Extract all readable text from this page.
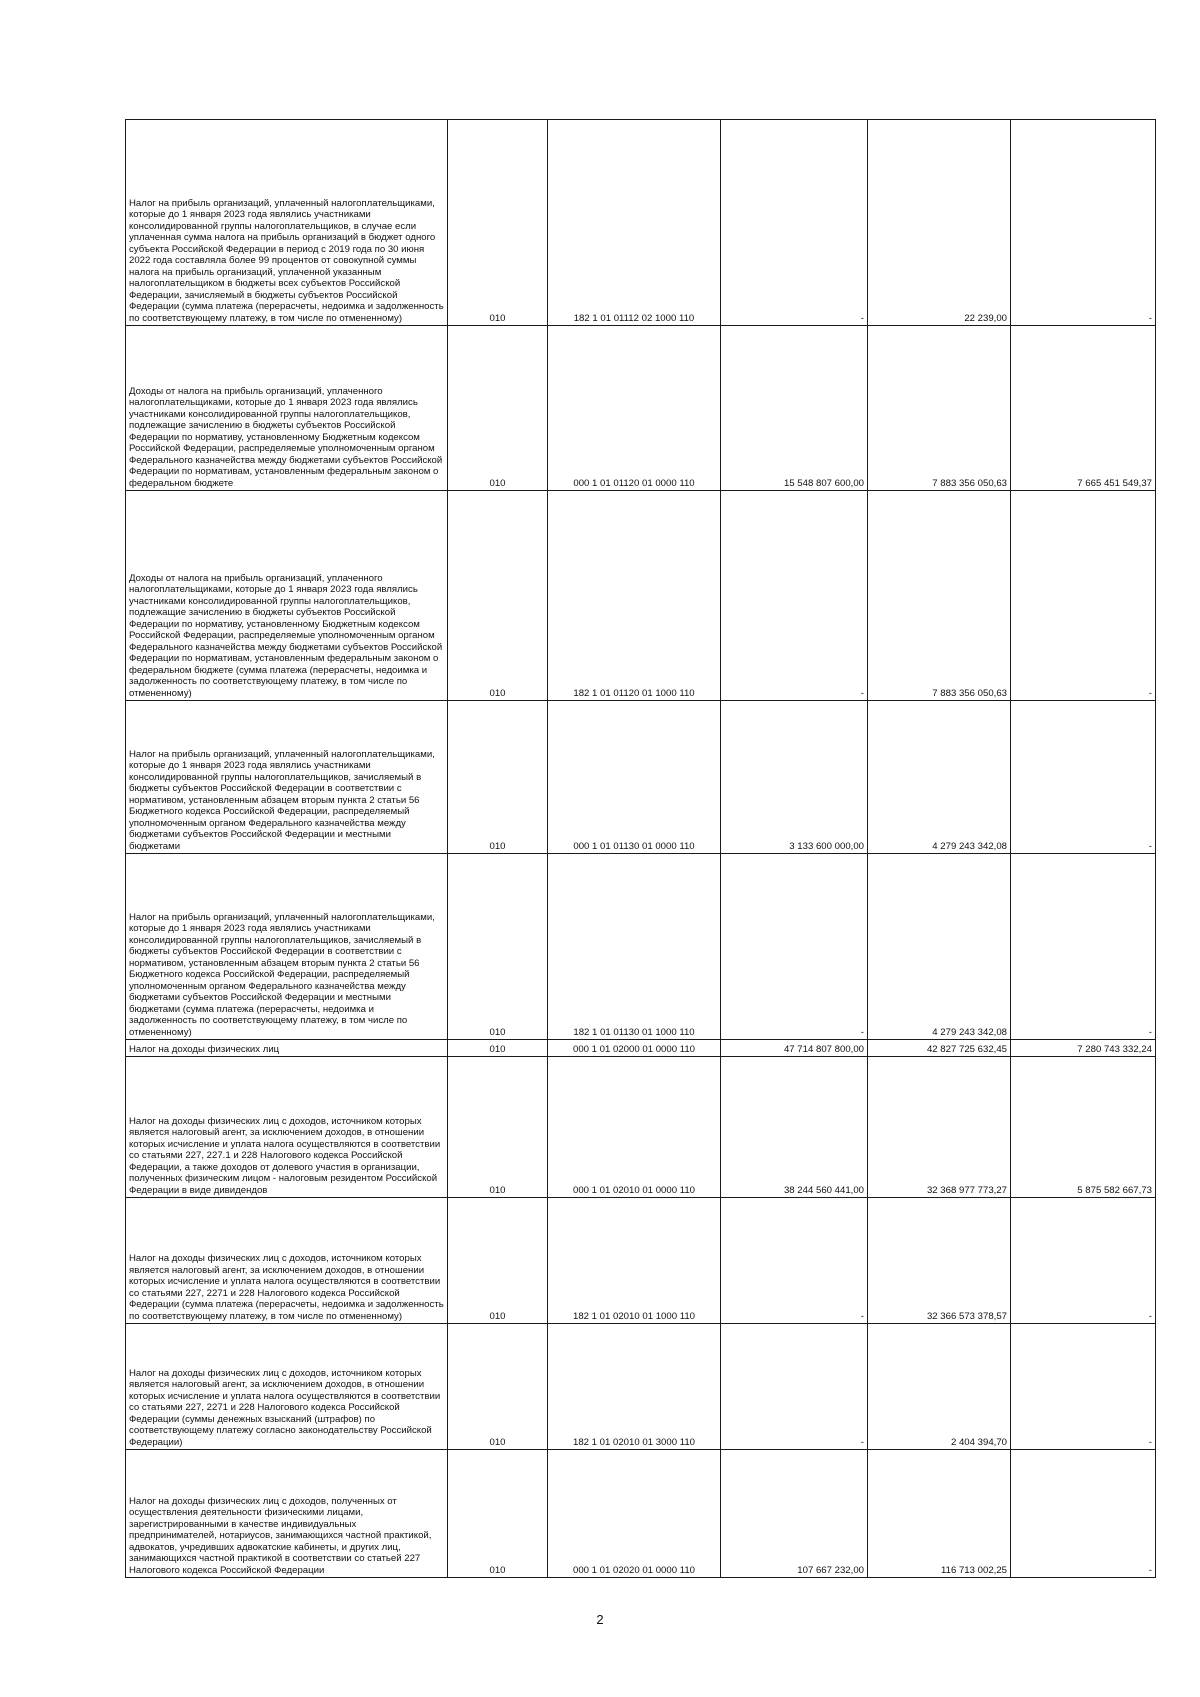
Налог на прибыль организаций, уплаченный налогоплательщиками, которые до 1 января 2023 года являлись участниками консолидированной группы налогоплательщиков, в случае если уплаченная сумма налога на прибыль организаций в бюджет одного субъекта Российской Федерации в период с 2019 года по 30 июня 2022 года составляла более 99 процентов от совокупной суммы налога на прибыль организаций, уплаченной указанным налогоплательщиком в бюджеты всех субъектов Российской Федерации, зачисляемый в бюджеты субъектов Российской Федерации (сумма платежа (перерасчеты, недоимка и задолженность по соответствующему платежу, в том числе по отмененному)	010	182 1 01 01112 02 1000 110	-	22 239,00	-

Доходы от налога на прибыль организаций, уплаченного налогоплательщиками, которые до 1 января 2023 года являлись участниками консолидированной группы налогоплательщиков, подлежащие зачислению в бюджеты субъектов Российской Федерации по нормативу, установленному Бюджетным кодексом Российской Федерации, распределяемые уполномоченным органом Федерального казначейства между бюджетами субъектов Российской Федерации по нормативам, установленным федеральным законом о федеральном бюджете	010	000 1 01 01120 01 0000 110	15 548 807 600,00	7 883 356 050,63	7 665 451 549,37

Доходы от налога на прибыль организаций, уплаченного налогоплательщиками, которые до 1 января 2023 года являлись участниками консолидированной группы налогоплательщиков, подлежащие зачислению в бюджеты субъектов Российской Федерации по нормативу, установленному Бюджетным кодексом Российской Федерации, распределяемые уполномоченным органом Федерального казначейства между бюджетами субъектов Российской Федерации по нормативам, установленным федеральным законом о федеральном бюджете (сумма платежа (перерасчеты, недоимка и задолженность по соответствующему платежу, в том числе по отмененному)	010	182 1 01 01120 01 1000 110	-	7 883 356 050,63	-

Налог на прибыль организаций, уплаченный налогоплательщиками, которые до 1 января 2023 года являлись участниками консолидированной группы налогоплательщиков, зачисляемый в бюджеты субъектов Российской Федерации в соответствии с нормативом, установленным абзацем вторым пункта 2 статьи 56 Бюджетного кодекса Российской Федерации, распределяемый уполномоченным органом Федерального казначейства между бюджетами субъектов Российской Федерации и местными бюджетами	010	000 1 01 01130 01 0000 110	3 133 600 000,00	4 279 243 342,08	-

Налог на прибыль организаций, уплаченный налогоплательщиками, которые до 1 января 2023 года являлись участниками консолидированной группы налогоплательщиков, зачисляемый в бюджеты субъектов Российской Федерации в соответствии с нормативом, установленным абзацем вторым пункта 2 статьи 56 Бюджетного кодекса Российской Федерации, распределяемый уполномоченным органом Федерального казначейства между бюджетами субъектов Российской Федерации и местными бюджетами (сумма платежа (перерасчеты, недоимка и задолженность по соответствующему платежу, в том числе по отмененному)	010	182 1 01 01130 01 1000 110	-	4 279 243 342,08	-

Налог на доходы физических лиц	010	000 1 01 02000 01 0000 110	47 714 807 800,00	42 827 725 632,45	7 280 743 332,24

Налог на доходы физических лиц с доходов, источником которых является налоговый агент, за исключением доходов, в отношении которых исчисление и уплата налога осуществляются в соответствии со статьями 227, 227.1 и 228 Налогового кодекса Российской Федерации, а также доходов от долевого участия в организации, полученных физическим лицом - налоговым резидентом Российской Федерации в виде дивидендов	010	000 1 01 02010 01 0000 110	38 244 560 441,00	32 368 977 773,27	5 875 582 667,73

Налог на доходы физических лиц с доходов, источником которых является налоговый агент, за исключением доходов, в отношении которых исчисление и уплата налога осуществляются в соответствии со статьями 227, 2271 и 228 Налогового кодекса Российской Федерации (сумма платежа (перерасчеты, недоимка и задолженность по соответствующему платежу, в том числе по отмененному)	010	182 1 01 02010 01 1000 110	-	32 366 573 378,57	-

Налог на доходы физических лиц с доходов, источником которых является налоговый агент, за исключением доходов, в отношении которых исчисление и уплата налога осуществляются в соответствии со статьями 227, 2271 и 228 Налогового кодекса Российской Федерации (суммы денежных взысканий (штрафов) по соответствующему платежу согласно законодательству Российской Федерации)	010	182 1 01 02010 01 3000 110	-	2 404 394,70	-

Налог на доходы физических лиц с доходов, полученных от осуществления деятельности физическими лицами, зарегистрированными в качестве индивидуальных предпринимателей, нотариусов, занимающихся частной практикой, адвокатов, учредивших адвокатские кабинеты, и других лиц, занимающихся частной практикой в соответствии со статьей 227 Налогового кодекса Российской Федерации	010	000 1 01 02020 01 0000 110	107 667 232,00	116 713 002,25	-
2
